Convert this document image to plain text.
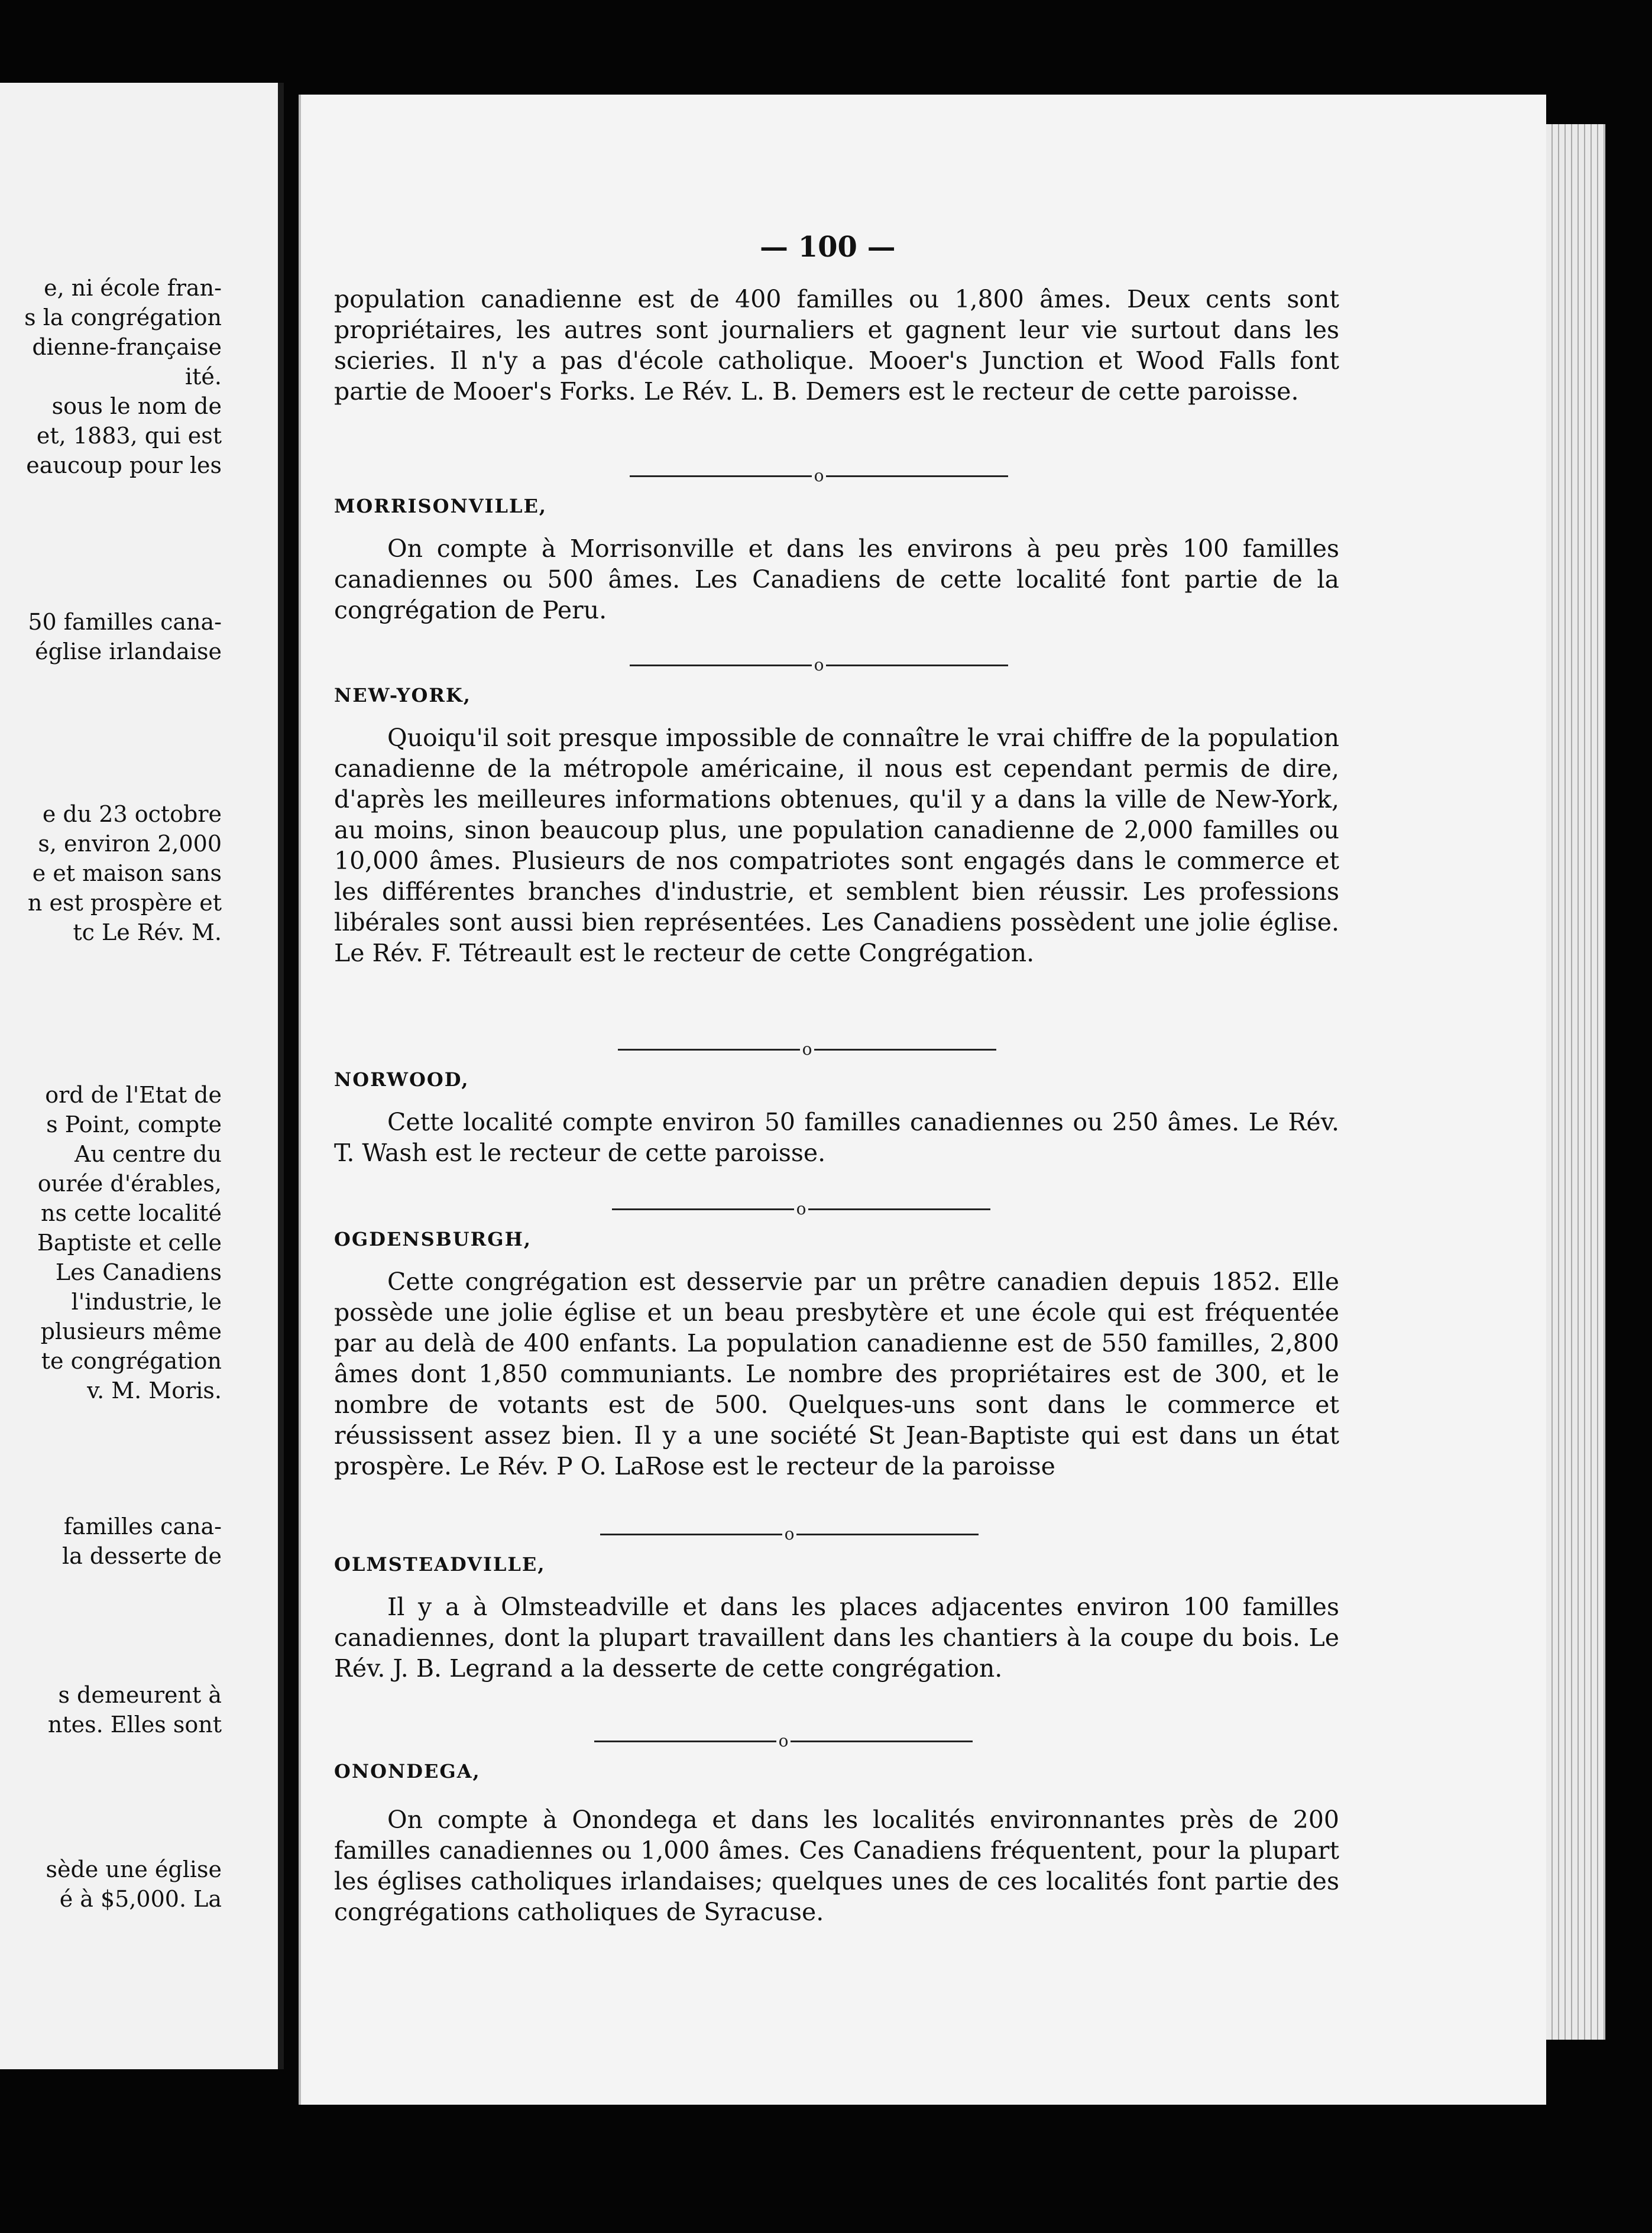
e, ni école fran-

s la congrégation

dienne-française

ité.

sous le nom de

et, 1883, qui est

eaucoup pour les

50 familles cana-

église irlandaise

e du 23 octobre

s, environ 2,000

e et maison sans

n est prospère et

tc Le Rév. M.

ord de l'Etat de

s Point, compte

Au centre du

ourée d'érables,

ns cette localité

Baptiste et celle

Les Canadiens

l'industrie, le

plusieurs même

te congrégation

v. M. Moris.

familles cana-

la desserte de

s demeurent à

ntes. Elles sont

sède une église

é à $5,000. La

— 100 —

population canadienne est de 400 familles ou 1,800 âmes. Deux cents sont propriétaires, les autres sont journaliers et gagnent leur vie surtout dans les scieries. Il n'y a pas d'école catholique. Mooer's Junction et Wood Falls font partie de Mooer's Forks. Le Rév. L. B. Demers est le recteur de cette paroisse.

o

MORRISONVILLE,

On compte à Morrisonville et dans les environs à peu près 100 familles canadiennes ou 500 âmes. Les Canadiens de cette localité font partie de la congrégation de Peru.

o

NEW-YORK,

Quoiqu'il soit presque impossible de connaître le vrai chiffre de la population canadienne de la métropole américaine, il nous est cependant permis de dire, d'après les meilleures informations obtenues, qu'il y a dans la ville de New-York, au moins, sinon beaucoup plus, une population canadienne de 2,000 familles ou 10,000 âmes. Plusieurs de nos compatriotes sont engagés dans le commerce et les différentes branches d'industrie, et semblent bien réussir. Les professions libérales sont aussi bien représentées. Les Canadiens possèdent une jolie église. Le Rév. F. Tétreault est le recteur de cette Congrégation.

o

NORWOOD,

Cette localité compte environ 50 familles canadiennes ou 250 âmes. Le Rév. T. Wash est le recteur de cette paroisse.

o

OGDENSBURGH,

Cette congrégation est desservie par un prêtre canadien depuis 1852. Elle possède une jolie église et un beau presbytère et une école qui est fréquentée par au delà de 400 enfants. La population canadienne est de 550 familles, 2,800 âmes dont 1,850 communiants. Le nombre des propriétaires est de 300, et le nombre de votants est de 500. Quelques-uns sont dans le commerce et réussissent assez bien. Il y a une société St Jean-Baptiste qui est dans un état prospère. Le Rév. P O. LaRose est le recteur de la paroisse

o

OLMSTEADVILLE,

Il y a à Olmsteadville et dans les places adjacentes environ 100 familles canadiennes, dont la plupart travaillent dans les chantiers à la coupe du bois. Le Rév. J. B. Legrand a la desserte de cette congrégation.

o

ONONDEGA,

On compte à Onondega et dans les localités environnantes près de 200 familles canadiennes ou 1,000 âmes. Ces Canadiens fréquentent, pour la plupart les églises catholiques irlandaises; quelques unes de ces localités font partie des congrégations catholiques de Syracuse.
